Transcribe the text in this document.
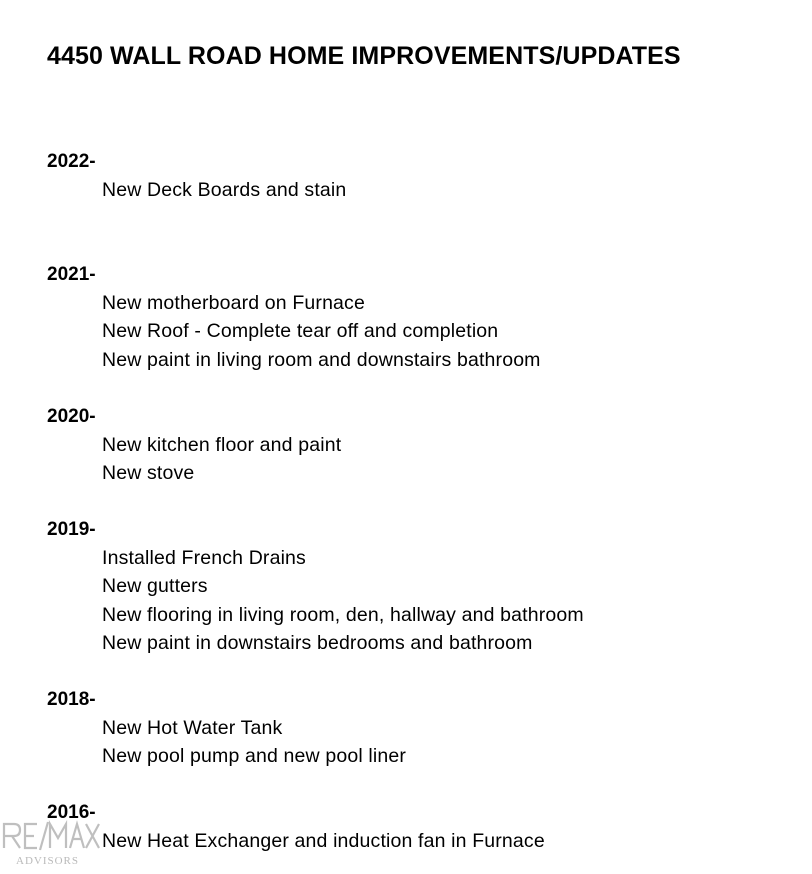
4450 WALL ROAD HOME IMPROVEMENTS/UPDATES
2022-
New Deck Boards and stain
2021-
New motherboard on Furnace
New Roof - Complete tear off and completion
New paint in living room and downstairs bathroom
2020-
New kitchen floor and paint
New stove
2019-
Installed French Drains
New gutters
New flooring in living room, den, hallway and bathroom
New paint in downstairs bedrooms and bathroom
2018-
New Hot Water Tank
New pool pump and new pool liner
2016-
New Heat Exchanger and induction fan in Furnace
ADVISORS
